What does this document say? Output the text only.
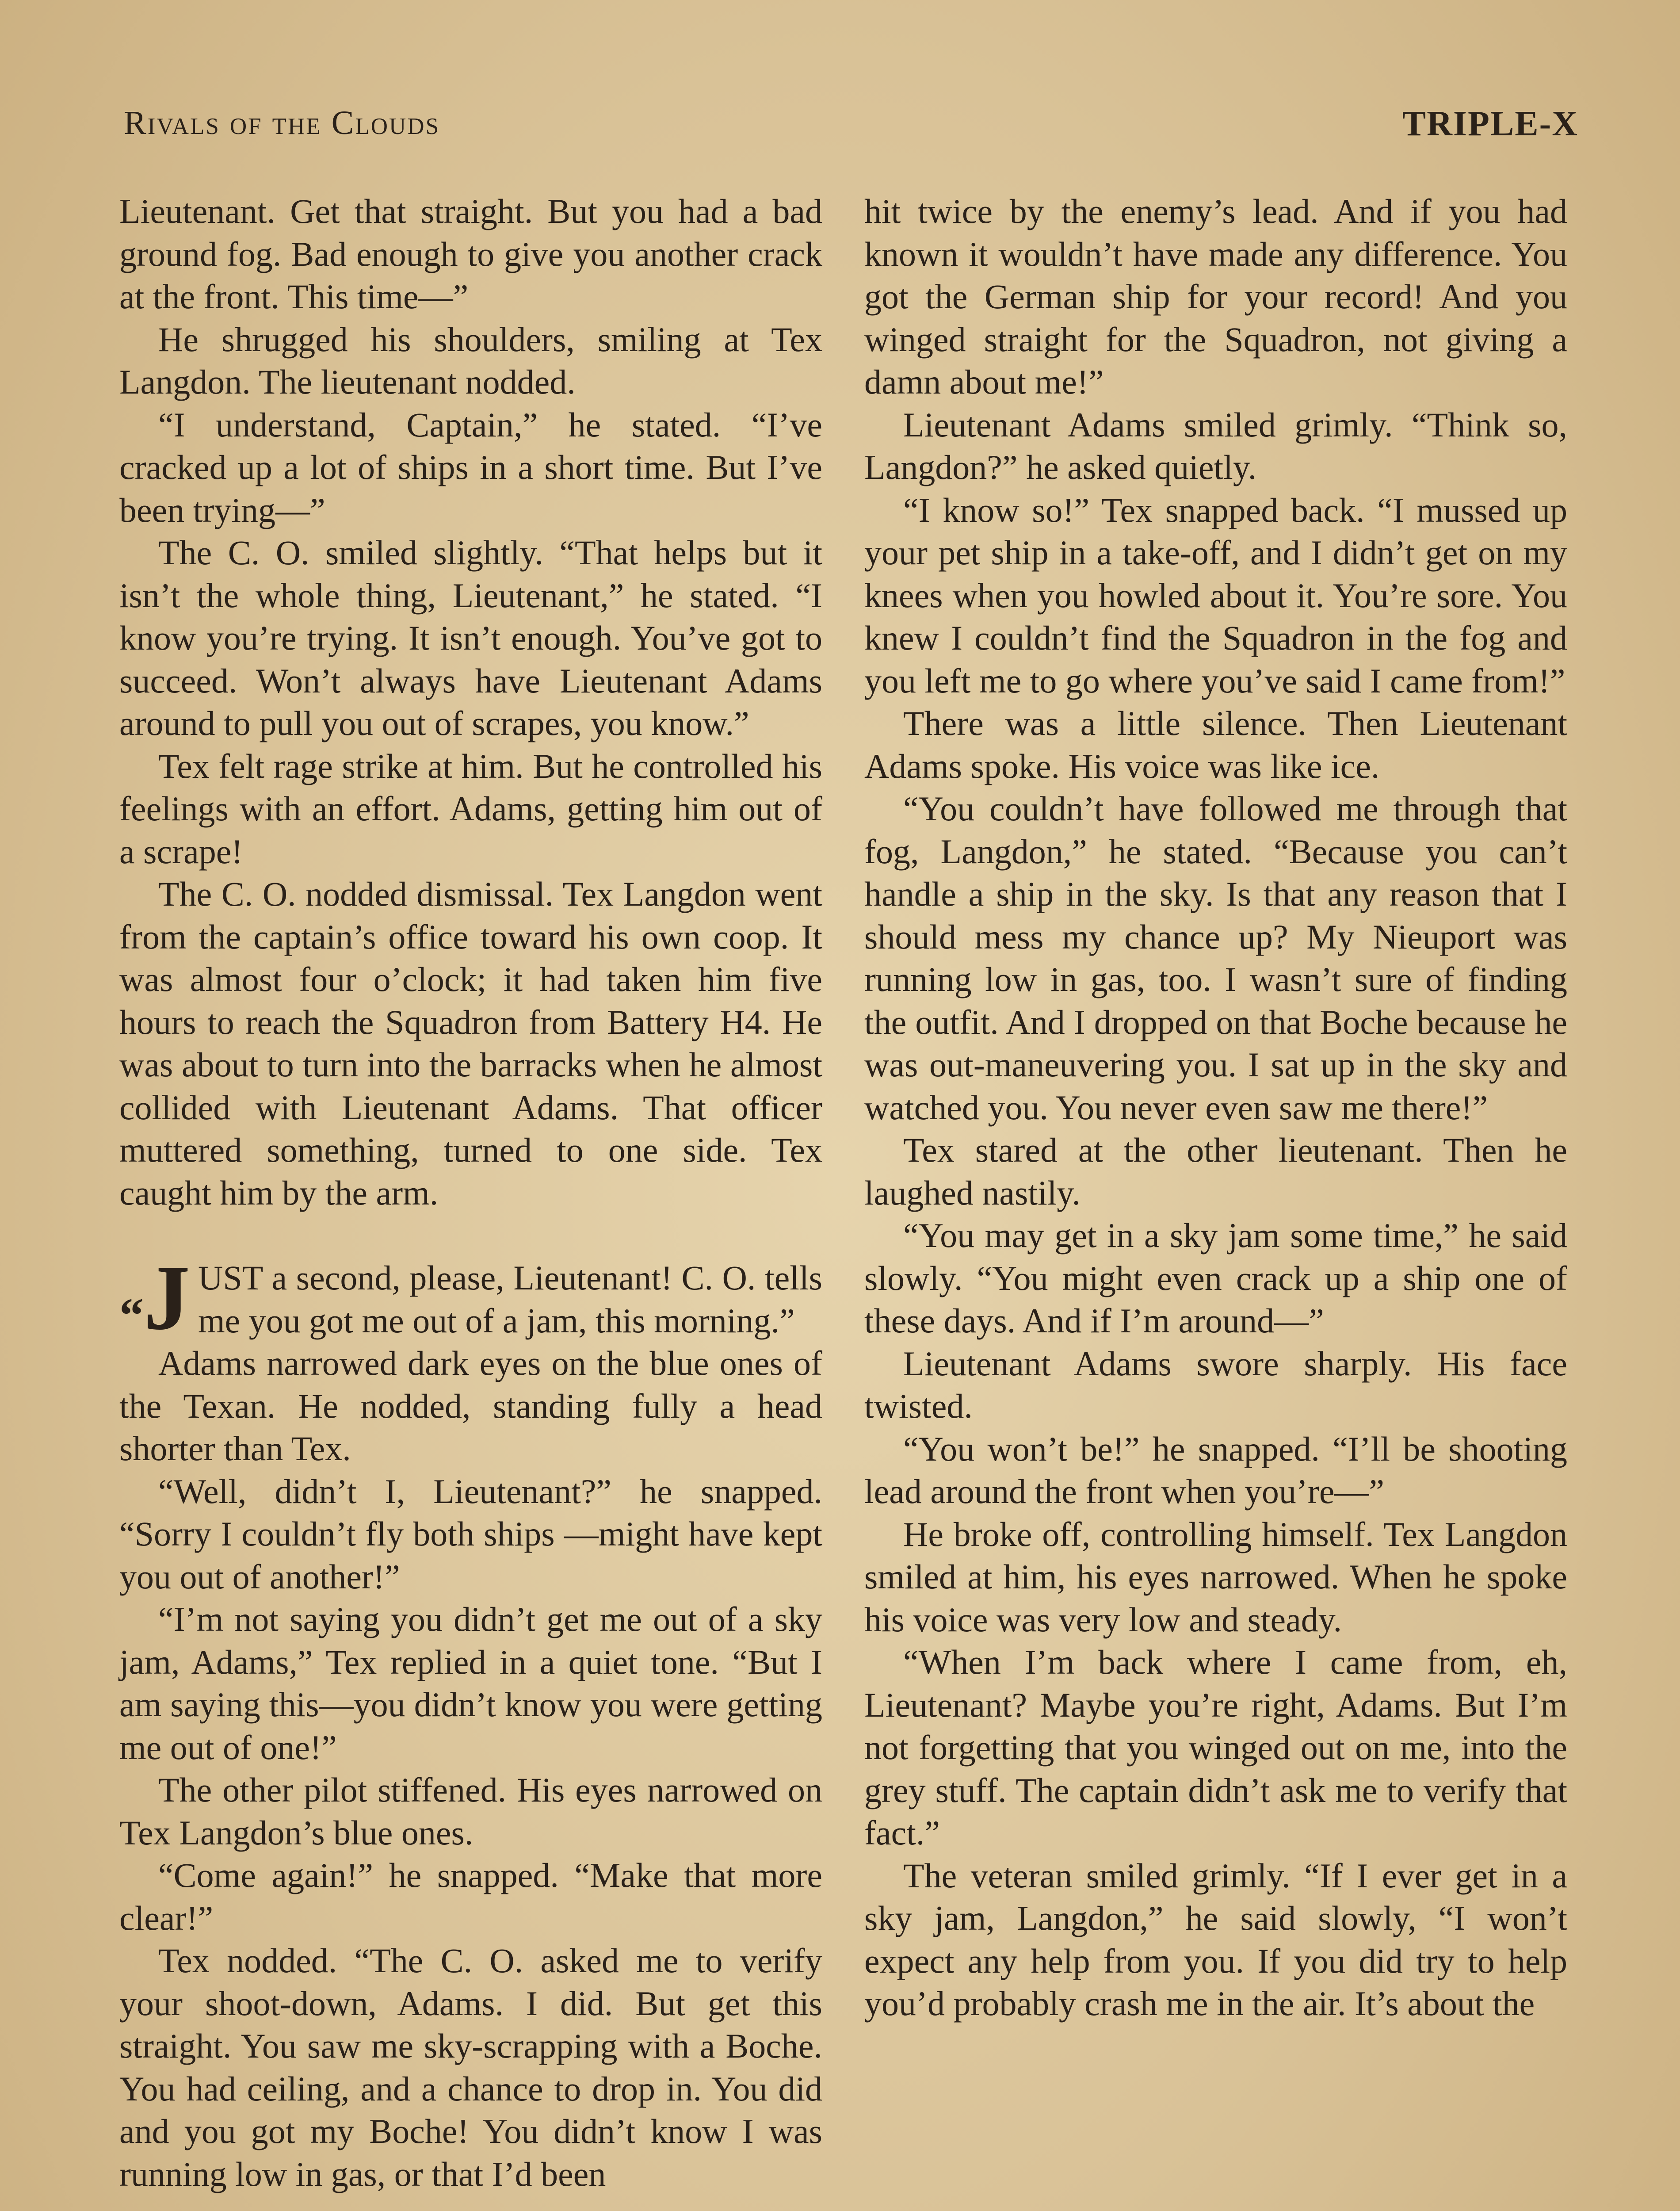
Rivals of the Clouds	TRIPLE-X

Lieutenant. Get that straight. But you had a bad ground fog. Bad enough to give you another crack at the front. This time—”

He shrugged his shoulders, smiling at Tex Langdon. The lieutenant nodded.

“I understand, Captain,” he stated. “I’ve cracked up a lot of ships in a short time. But I’ve been trying—”

The C. O. smiled slightly. “That helps but it isn’t the whole thing, Lieutenant,” he stated. “I know you’re trying. It isn’t enough. You’ve got to succeed. Won’t always have Lieutenant Adams around to pull you out of scrapes, you know.”

Tex felt rage strike at him. But he controlled his feelings with an effort. Adams, getting him out of a scrape!

The C. O. nodded dismissal. Tex Langdon went from the captain’s office toward his own coop. It was almost four o’clock; it had taken him five hours to reach the Squadron from Battery H4. He was about to turn into the barracks when he almost collided with Lieutenant Adams. That officer muttered something, turned to one side. Tex caught him by the arm.

“J UST a second, please, Lieutenant! C. O. tells me you got me out of a jam, this morning.”

Adams narrowed dark eyes on the blue ones of the Texan. He nodded, standing fully a head shorter than Tex.

“Well, didn’t I, Lieutenant?” he snapped. “Sorry I couldn’t fly both ships —might have kept you out of another!”

“I’m not saying you didn’t get me out of a sky jam, Adams,” Tex replied in a quiet tone. “But I am saying this—you didn’t know you were getting me out of one!”

The other pilot stiffened. His eyes narrowed on Tex Langdon’s blue ones.

“Come again!” he snapped. “Make that more clear!”

Tex nodded. “The C. O. asked me to verify your shoot-down, Adams. I did. But get this straight. You saw me sky-scrapping with a Boche. You had ceiling, and a chance to drop in. You did and you got my Boche! You didn’t know I was running low in gas, or that I’d been

hit twice by the enemy’s lead. And if you had known it wouldn’t have made any difference. You got the German ship for your record! And you winged straight for the Squadron, not giving a damn about me!”

Lieutenant Adams smiled grimly. “Think so, Langdon?” he asked quietly.

“I know so!” Tex snapped back. “I mussed up your pet ship in a take-off, and I didn’t get on my knees when you howled about it. You’re sore. You knew I couldn’t find the Squadron in the fog and you left me to go where you’ve said I came from!”

There was a little silence. Then Lieutenant Adams spoke. His voice was like ice.

“You couldn’t have followed me through that fog, Langdon,” he stated. “Because you can’t handle a ship in the sky. Is that any reason that I should mess my chance up? My Nieuport was running low in gas, too. I wasn’t sure of finding the outfit. And I dropped on that Boche because he was out-maneuvering you. I sat up in the sky and watched you. You never even saw me there!”

Tex stared at the other lieutenant. Then he laughed nastily.

“You may get in a sky jam some time,” he said slowly. “You might even crack up a ship one of these days. And if I’m around—”

Lieutenant Adams swore sharply. His face twisted.

“You won’t be!” he snapped. “I’ll be shooting lead around the front when you’re—”

He broke off, controlling himself. Tex Langdon smiled at him, his eyes narrowed. When he spoke his voice was very low and steady.

“When I’m back where I came from, eh, Lieutenant? Maybe you’re right, Adams. But I’m not forgetting that you winged out on me, into the grey stuff. The captain didn’t ask me to verify that fact.”

The veteran smiled grimly. “If I ever get in a sky jam, Langdon,” he said slowly, “I won’t expect any help from you. If you did try to help you’d probably crash me in the air. It’s about the
